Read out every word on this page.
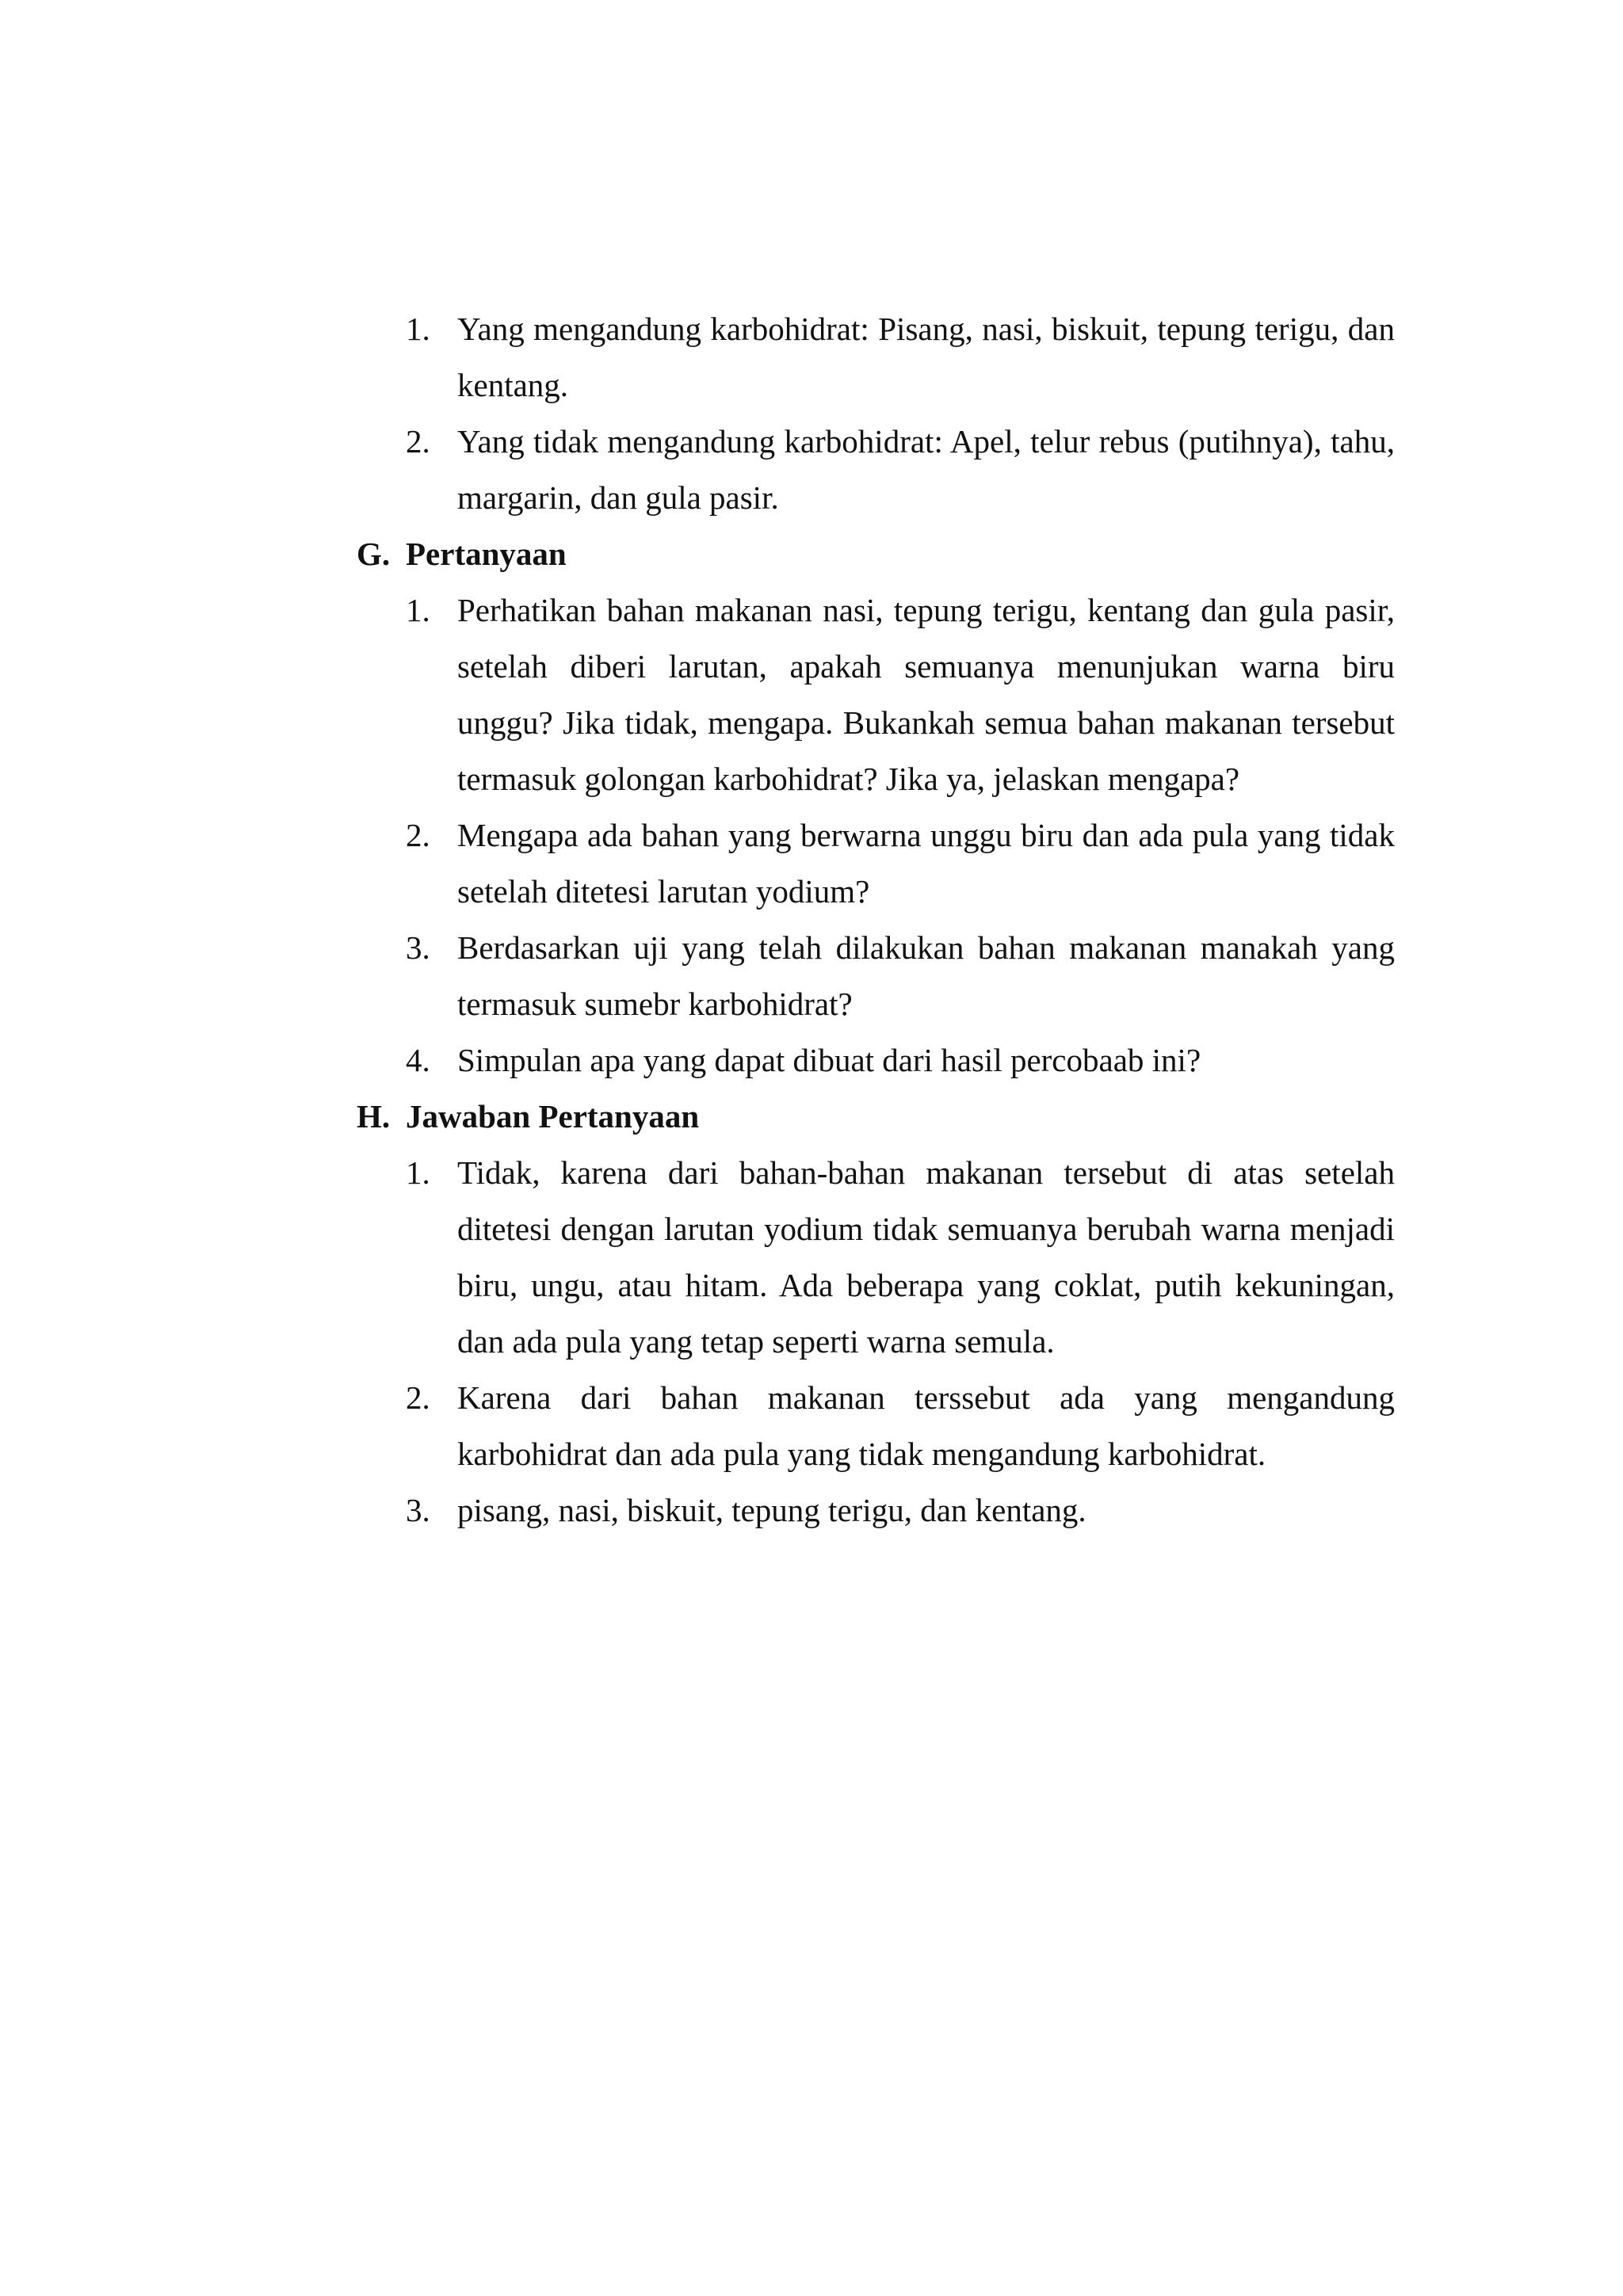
1. Yang mengandung karbohidrat: Pisang, nasi, biskuit, tepung terigu, dan kentang.
2. Yang tidak mengandung karbohidrat: Apel, telur rebus (putihnya), tahu, margarin, dan gula pasir.
G. Pertanyaan
1. Perhatikan bahan makanan nasi, tepung terigu, kentang dan gula pasir, setelah diberi larutan, apakah semuanya menunjukan warna biru unggu? Jika tidak, mengapa. Bukankah semua bahan makanan tersebut termasuk golongan karbohidrat? Jika ya, jelaskan mengapa?
2. Mengapa ada bahan yang berwarna unggu biru dan ada pula yang tidak setelah ditetesi larutan yodium?
3. Berdasarkan uji yang telah dilakukan bahan makanan manakah yang termasuk sumebr karbohidrat?
4. Simpulan apa yang dapat dibuat dari hasil percobaab ini?
H. Jawaban Pertanyaan
1. Tidak, karena dari bahan-bahan makanan tersebut di atas setelah ditetesi dengan larutan yodium tidak semuanya berubah warna menjadi biru, ungu, atau hitam. Ada beberapa yang coklat, putih kekuningan, dan ada pula yang tetap seperti warna semula.
2. Karena dari bahan makanan terssebut ada yang mengandung karbohidrat dan ada pula yang tidak mengandung karbohidrat.
3. pisang, nasi, biskuit, tepung terigu, dan kentang.
